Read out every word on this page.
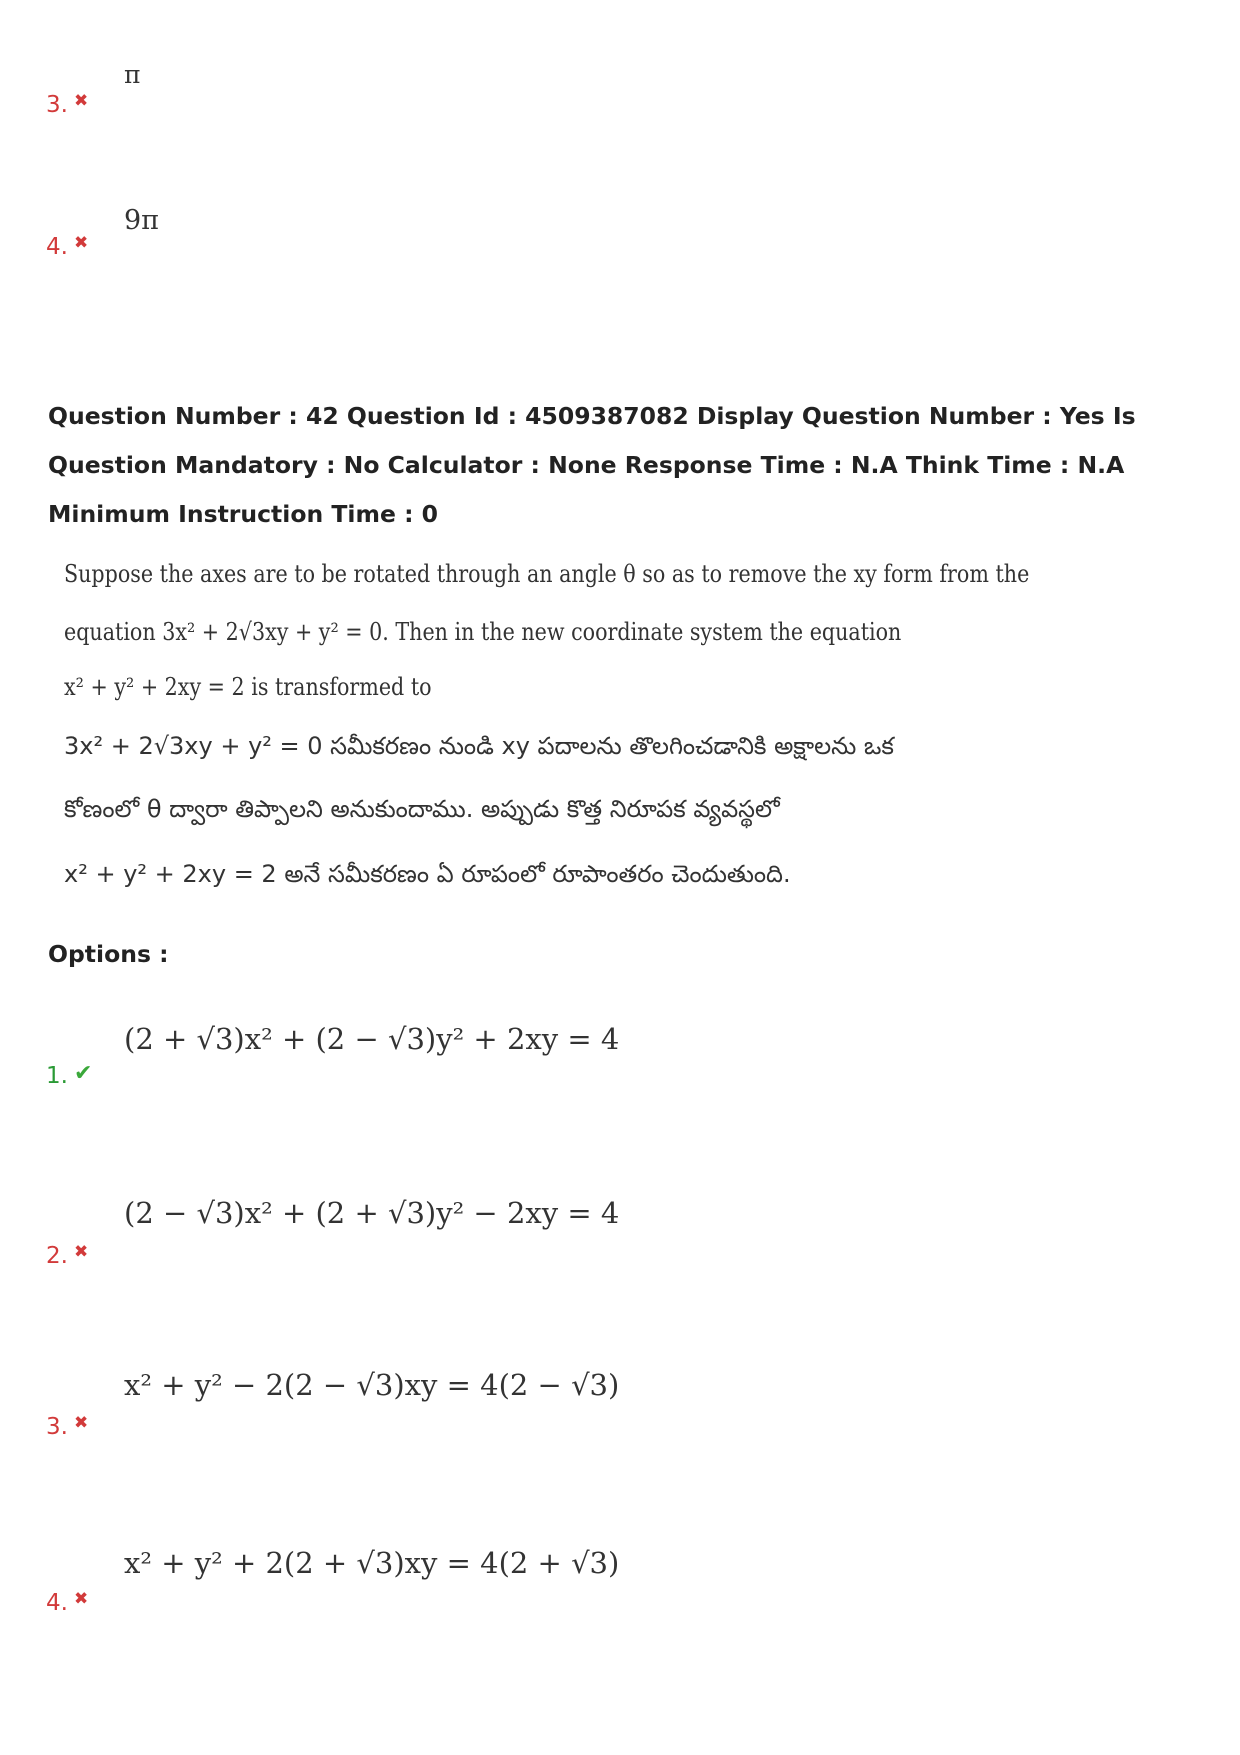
π
3. ✖
9π
4. ✖
Question Number : 42 Question Id : 4509387082 Display Question Number : Yes Is Question Mandatory : No Calculator : None Response Time : N.A Think Time : N.A Minimum Instruction Time : 0
Suppose the axes are to be rotated through an angle θ so as to remove the xy form from the
equation 3x² + 2√3xy + y² = 0. Then in the new coordinate system the equation
x² + y² + 2xy = 2 is transformed to
3x² + 2√3xy + y² = 0 సమీకరణం నుండి xy పదాలను తొలగించడానికి అక్షాలను ఒక
కోణంలో θ ద్వారా తిప్పాలని అనుకుందాము. అప్పుడు కొత్త నిరూపక వ్యవస్థలో
x² + y² + 2xy = 2 అనే సమీకరణం ఏ రూపంలో రూపాంతరం చెందుతుంది.
Options :
(2 + √3)x² + (2 − √3)y² + 2xy = 4
1. ✔
(2 − √3)x² + (2 + √3)y² − 2xy = 4
2. ✖
x² + y² − 2(2 − √3)xy = 4(2 − √3)
3. ✖
x² + y² + 2(2 + √3)xy = 4(2 + √3)
4. ✖
